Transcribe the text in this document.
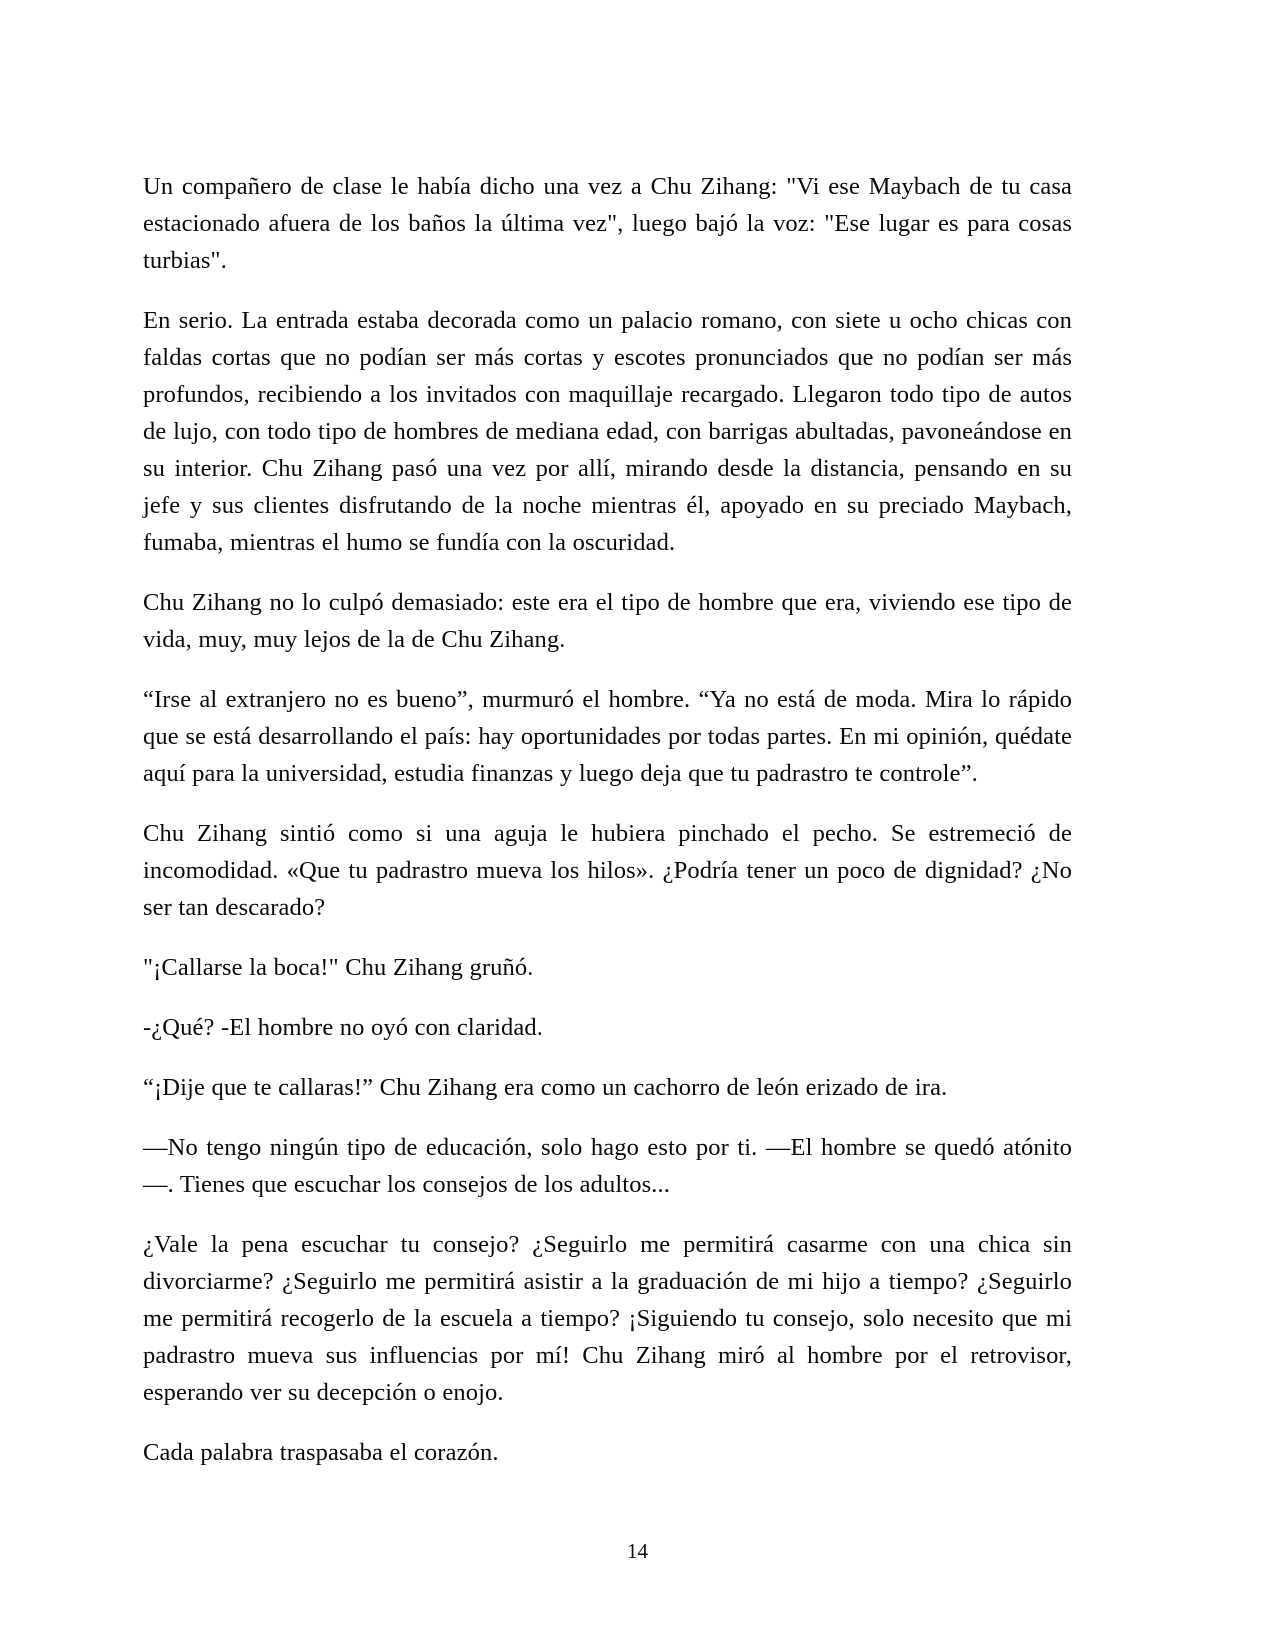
Un compañero de clase le había dicho una vez a Chu Zihang: "Vi ese Maybach de tu casa estacionado afuera de los baños la última vez", luego bajó la voz: "Ese lugar es para cosas turbias".

En serio. La entrada estaba decorada como un palacio romano, con siete u ocho chicas con faldas cortas que no podían ser más cortas y escotes pronunciados que no podían ser más profundos, recibiendo a los invitados con maquillaje recargado. Llegaron todo tipo de autos de lujo, con todo tipo de hombres de mediana edad, con barrigas abultadas, pavoneándose en su interior. Chu Zihang pasó una vez por allí, mirando desde la distancia, pensando en su jefe y sus clientes disfrutando de la noche mientras él, apoyado en su preciado Maybach, fumaba, mientras el humo se fundía con la oscuridad.

Chu Zihang no lo culpó demasiado: este era el tipo de hombre que era, viviendo ese tipo de vida, muy, muy lejos de la de Chu Zihang.

“Irse al extranjero no es bueno”, murmuró el hombre. “Ya no está de moda. Mira lo rápido que se está desarrollando el país: hay oportunidades por todas partes. En mi opinión, quédate aquí para la universidad, estudia finanzas y luego deja que tu padrastro te controle”.

Chu Zihang sintió como si una aguja le hubiera pinchado el pecho. Se estremeció de incomodidad. «Que tu padrastro mueva los hilos». ¿Podría tener un poco de dignidad? ¿No ser tan descarado?

"¡Callarse la boca!" Chu Zihang gruñó.

-¿Qué? -El hombre no oyó con claridad.

“¡Dije que te callaras!” Chu Zihang era como un cachorro de león erizado de ira.

—No tengo ningún tipo de educación, solo hago esto por ti. —El hombre se quedó atónito—. Tienes que escuchar los consejos de los adultos...

¿Vale la pena escuchar tu consejo? ¿Seguirlo me permitirá casarme con una chica sin divorciarme? ¿Seguirlo me permitirá asistir a la graduación de mi hijo a tiempo? ¿Seguirlo me permitirá recogerlo de la escuela a tiempo? ¡Siguiendo tu consejo, solo necesito que mi padrastro mueva sus influencias por mí! Chu Zihang miró al hombre por el retrovisor, esperando ver su decepción o enojo.

Cada palabra traspasaba el corazón.

14
